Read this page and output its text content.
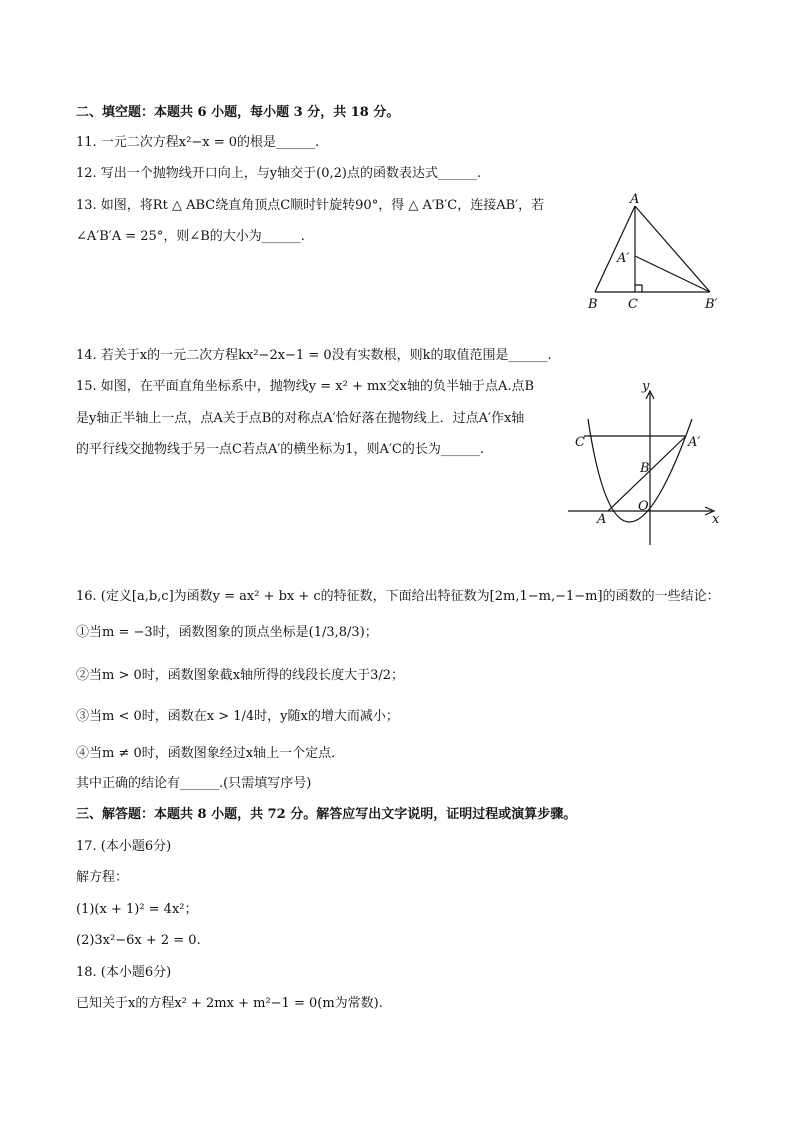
二、填空题：本题共 6 小题，每小题 3 分，共 18 分。
11. 一元二次方程x²−x = 0的根是______.
12. 写出一个抛物线开口向上，与y轴交于(0,2)点的函数表达式______.
13. 如图，将Rt △ ABC绕直角顶点C顺时针旋转90°，得 △ A′B′C，连接AB′，若
∠A′B′A = 25°，则∠B的大小为______.
A
A′
B C	B′
14. 若关于x的一元二次方程kx²−2x−1 = 0没有实数根，则k的取值范围是______.
15. 如图，在平面直角坐标系中，抛物线y = x² + mx交x轴的负半轴于点A.点B
是y轴正半轴上一点，点A关于点B的对称点A′恰好落在抛物线上．过点A′作x轴
的平行线交抛物线于另一点C若点A′的横坐标为1，则A′C的长为______.
y
x
C	A′
B
O
A
16. (定义[a,b,c]为函数y = ax² + bx + c的特征数，下面给出特征数为[2m,1−m,−1−m]的函数的一些结论：
①当m = −3时，函数图象的顶点坐标是(1/3,8/3)；
②当m > 0时，函数图象截x轴所得的线段长度大于3/2；
③当m < 0时，函数在x > 1/4时，y随x的增大而减小；
④当m ≠ 0时，函数图象经过x轴上一个定点．
其中正确的结论有______.(只需填写序号)
三、解答题：本题共 8 小题，共 72 分。解答应写出文字说明，证明过程或演算步骤。
17. (本小题6分)
解方程：
(1)(x + 1)² = 4x²；
(2)3x²−6x + 2 = 0.
18. (本小题6分)
已知关于x的方程x² + 2mx + m²−1 = 0(m为常数).
